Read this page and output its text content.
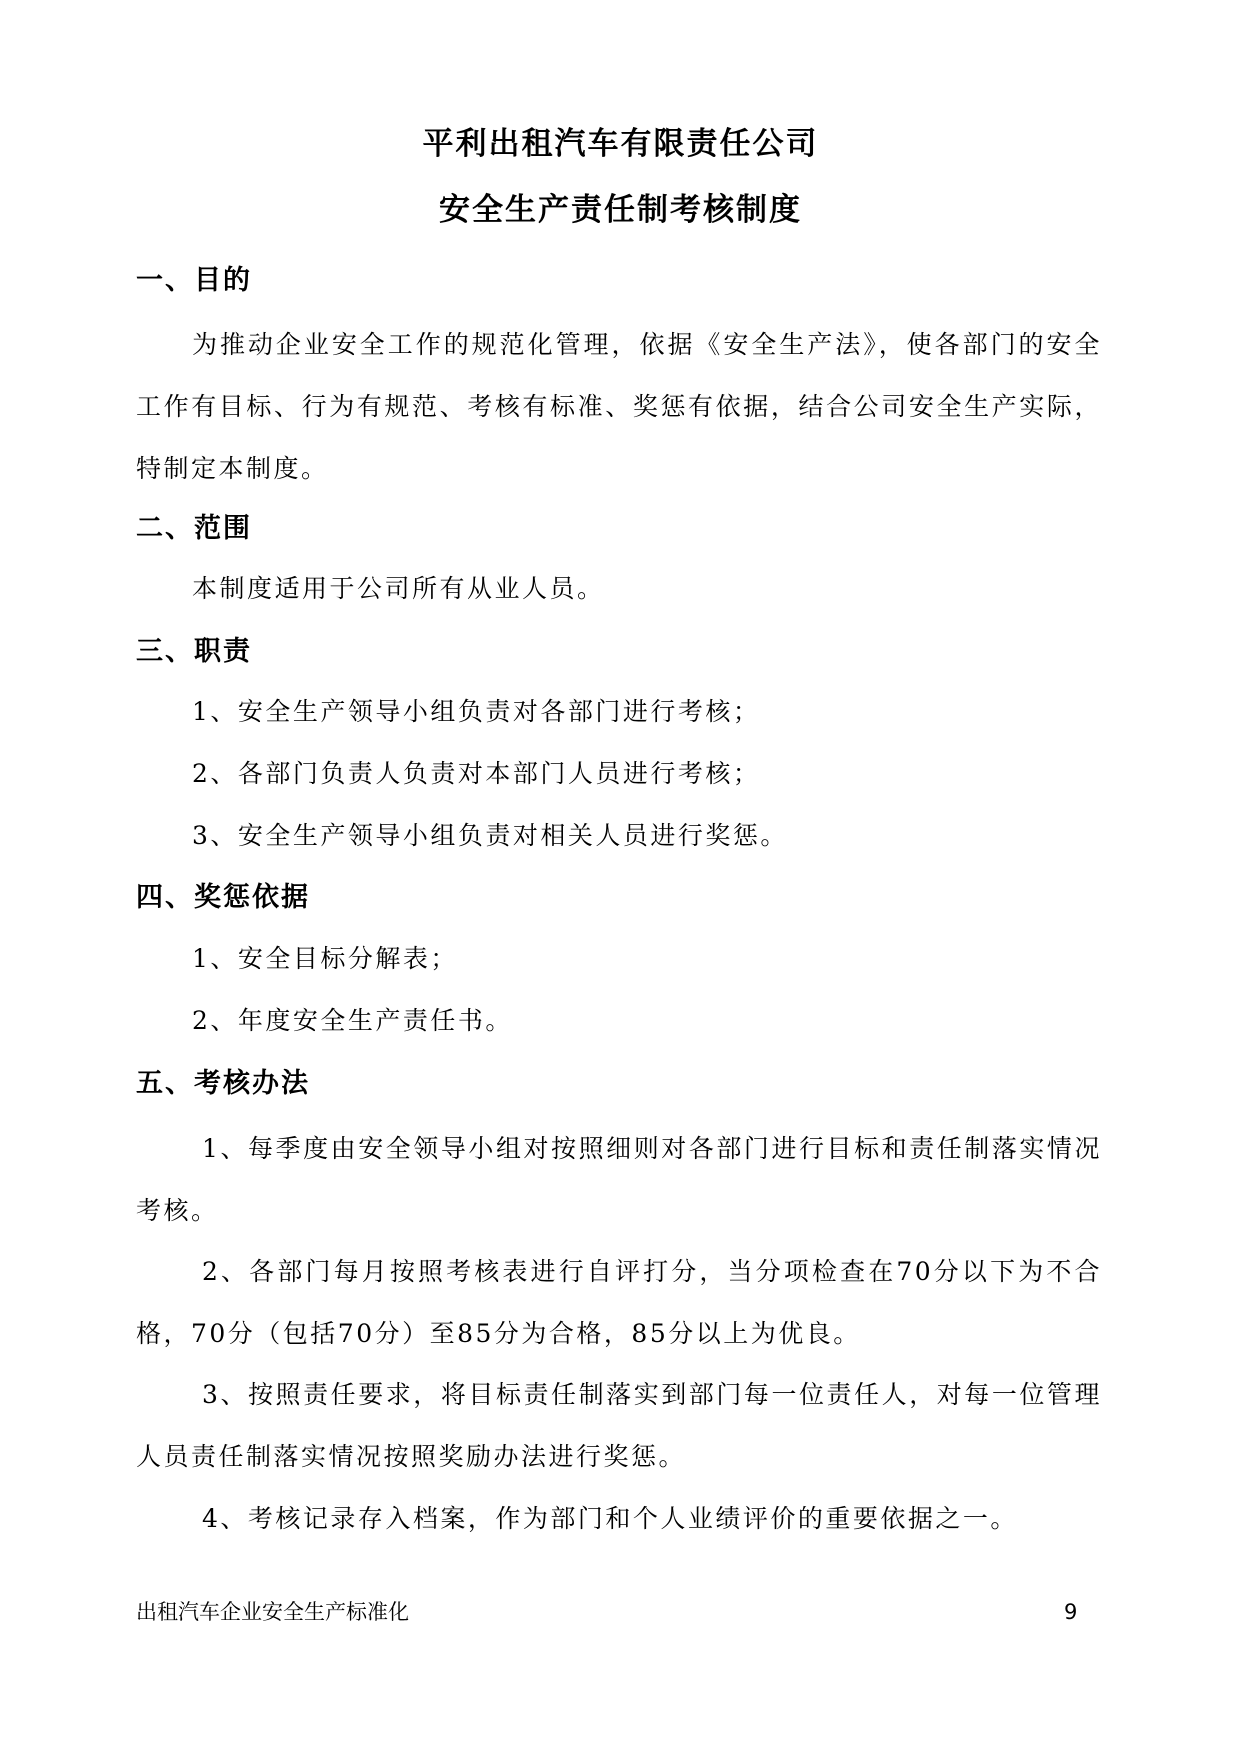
平利出租汽车有限责任公司
安全生产责任制考核制度
一、目的

为推动企业安全工作的规范化管理，依据《安全生产法》，使各部门的安全工作有目标、行为有规范、考核有标准、奖惩有依据，结合公司安全生产实际，特制定本制度。

二、范围
本制度适用于公司所有从业人员。
三、职责
1、安全生产领导小组负责对各部门进行考核；
2、各部门负责人负责对本部门人员进行考核；
3、安全生产领导小组负责对相关人员进行奖惩。
四、奖惩依据
1、安全目标分解表；
2、年度安全生产责任书。
五、考核办法

1、每季度由安全领导小组对按照细则对各部门进行目标和责任制落实情况考核。

2、各部门每月按照考核表进行自评打分，当分项检查在70分以下为不合格，70分（包括70分）至85分为合格，85分以上为优良。

3、按照责任要求，将目标责任制落实到部门每一位责任人，对每一位管理人员责任制落实情况按照奖励办法进行奖惩。

4、考核记录存入档案，作为部门和个人业绩评价的重要依据之一。

出租汽车企业安全生产标准化	9
